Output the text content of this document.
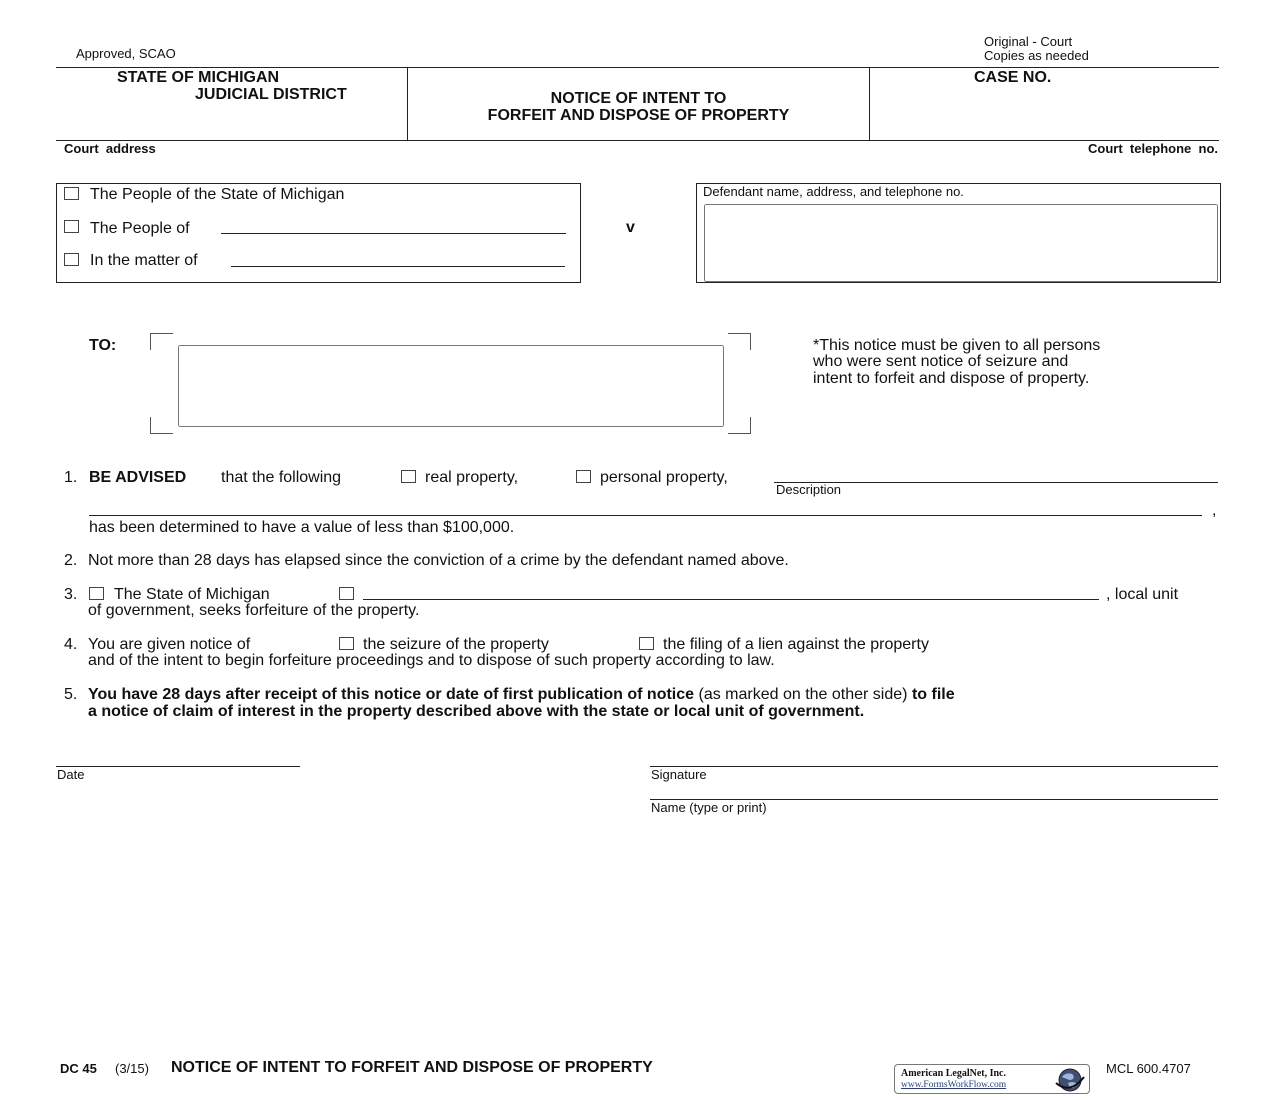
Approved, SCAO
Original - Court
Copies as needed
STATE OF MICHIGAN
JUDICIAL DISTRICT	NOTICE OF INTENT TO
FORFEIT AND DISPOSE OF PROPERTY
CASE NO.
Court  address	Court  telephone  no.
The People of the State of Michigan
The People of
In the matter of
v
Defendant name, address, and telephone no.
TO:	*This notice must be given to all persons
who were sent notice of seizure and
intent to forfeit and dispose of property.
1. BE ADVISED that the following	real property,	personal property,
Description
,
has been determined to have a value of less than $100,000.
2. Not more than 28 days has elapsed since the conviction of a crime by the defendant named above.
3. The State of Michigan	, local unit
of government, seeks forfeiture of the property.
4. You are given notice of	the seizure of the property	the filing of a lien against the property
and of the intent to begin forfeiture proceedings and to dispose of such property according to law.
5. You have 28 days after receipt of this notice or date of first publication of notice (as marked on the other side) to file
a notice of claim of interest in the property described above with the state or local unit of government.
Date	Signature
Name (type or print)
DC 45 (3/15) NOTICE OF INTENT TO FORFEIT AND DISPOSE OF PROPERTY	American LegalNet, Inc.
www.FormsWorkFlow.com
MCL 600.4707
